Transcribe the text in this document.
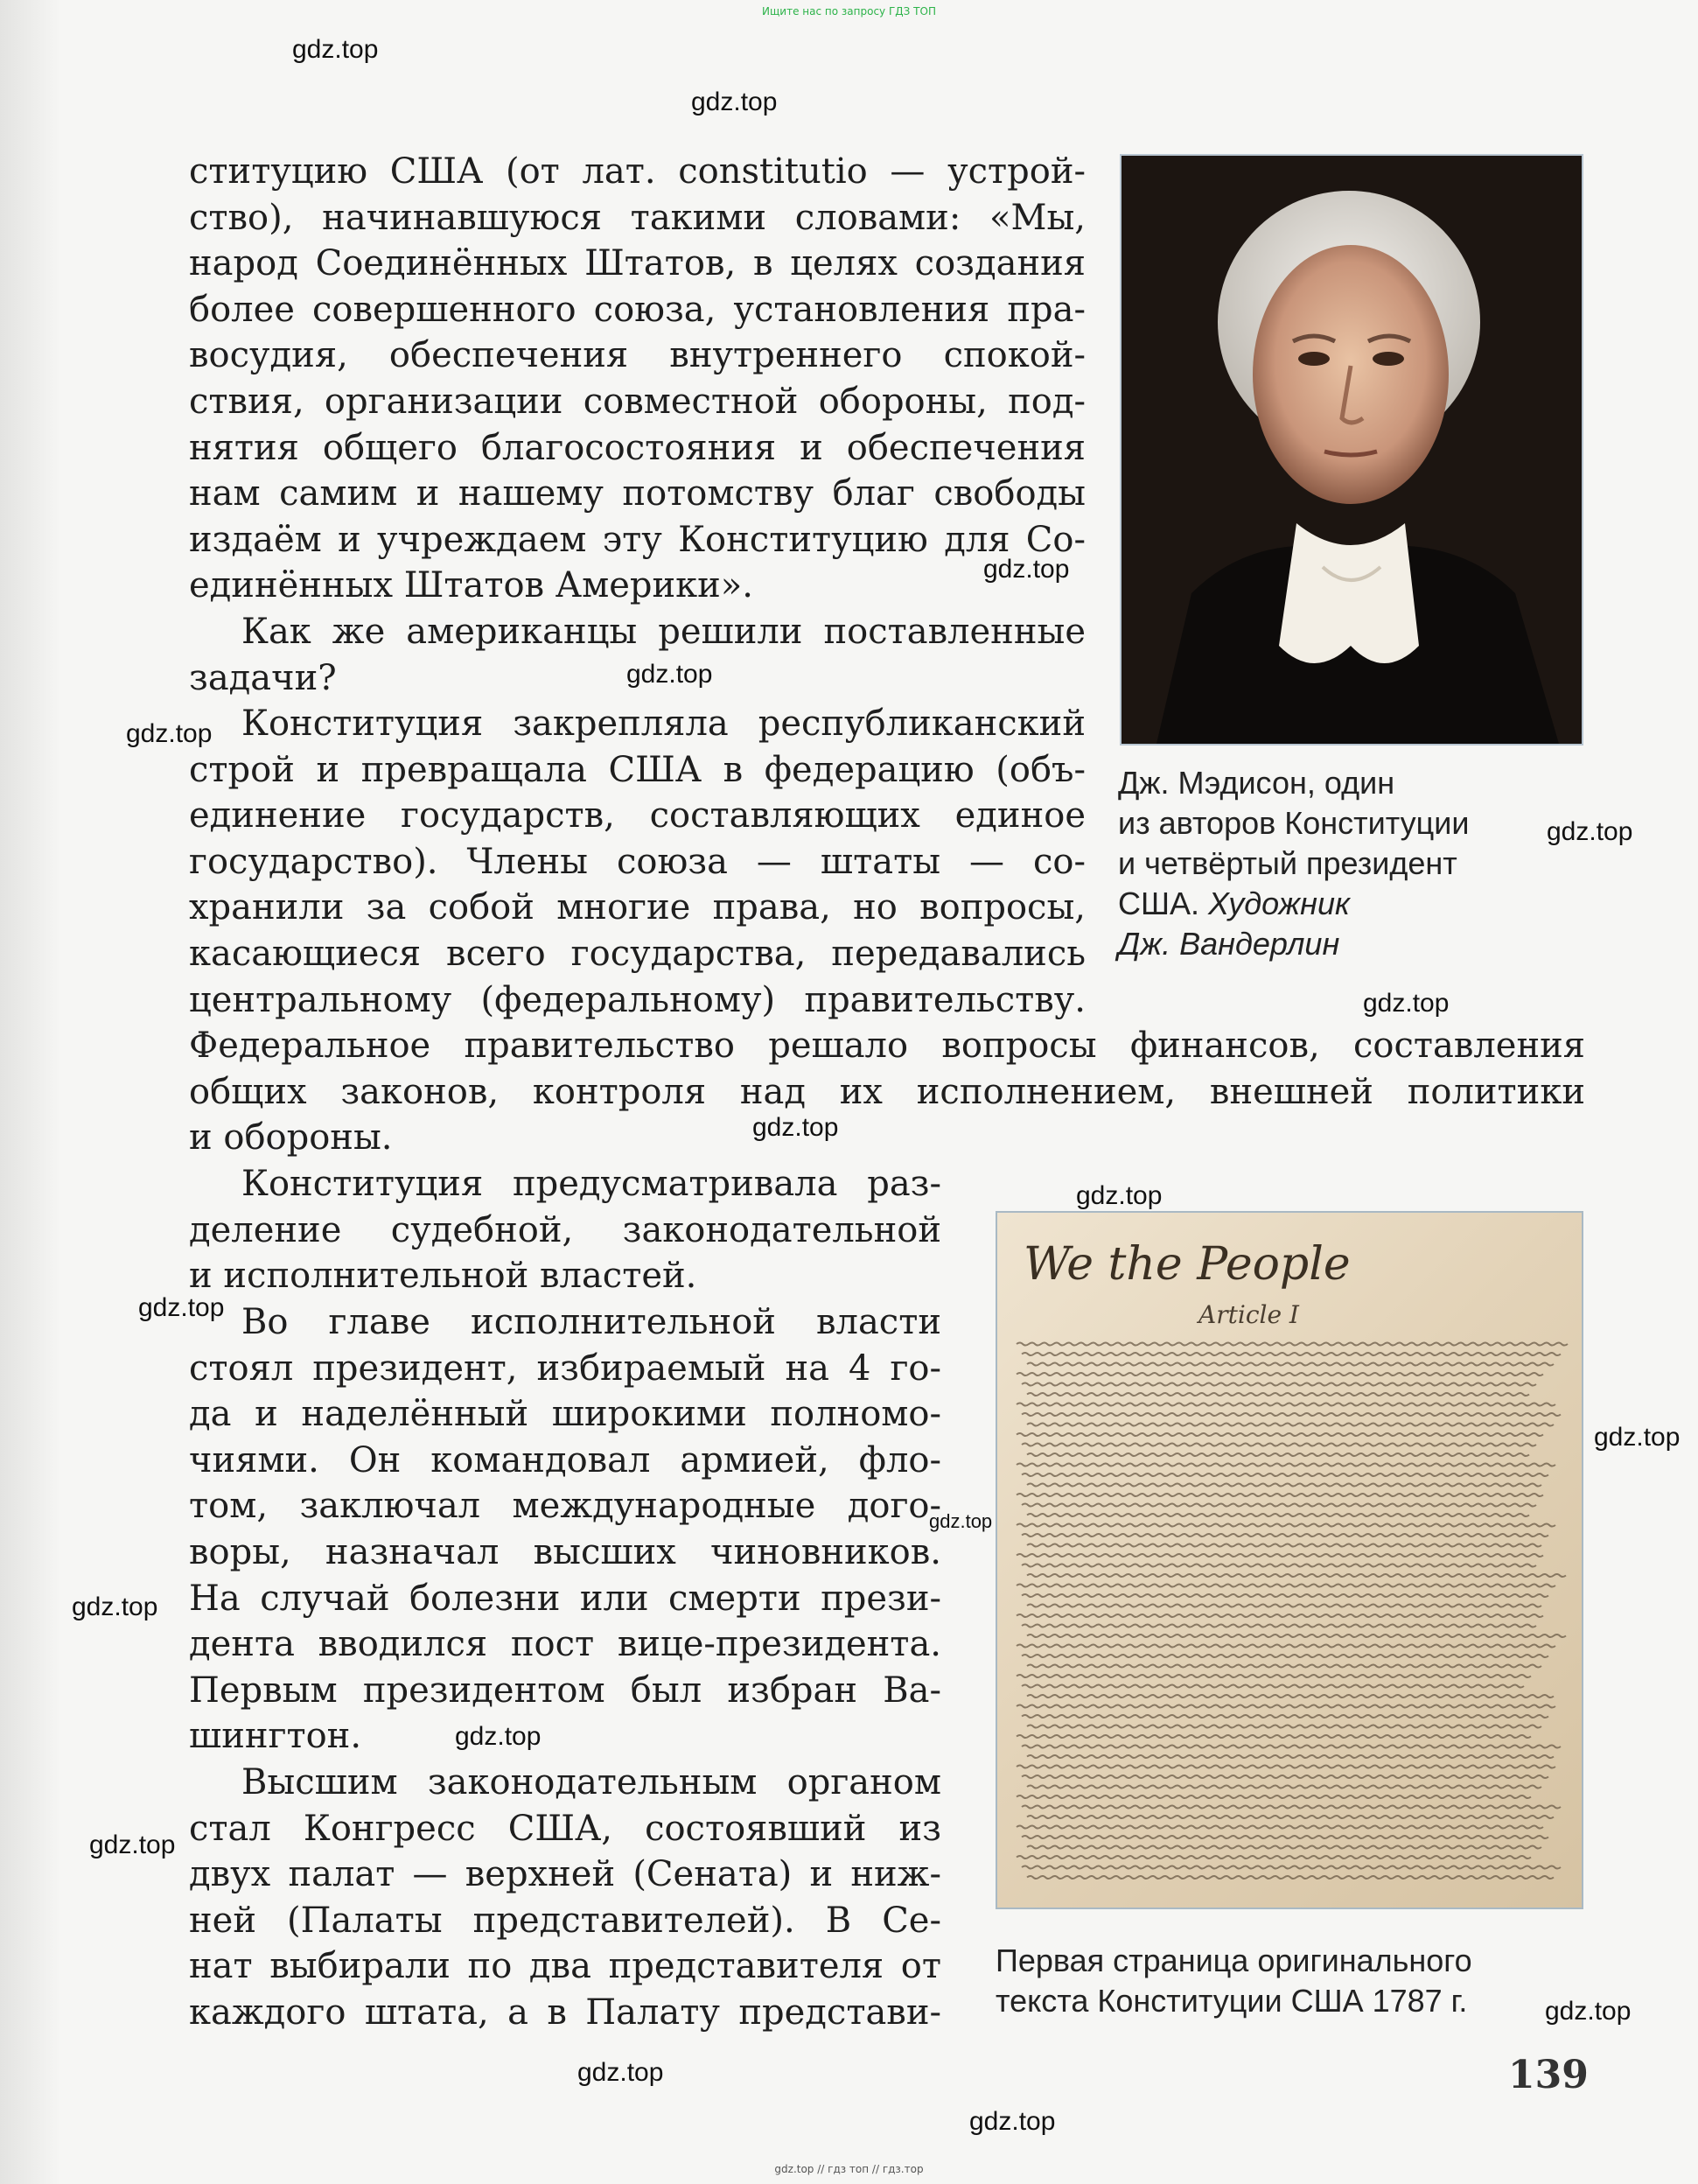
Ищите нас по запросу ГДЗ ТОП
ституцию США (от лат. constitutio — устрой-
ство), начинавшуюся такими словами: «Мы,
народ Соединённых Штатов, в целях создания
более совершенного союза, установления пра-
восудия, обеспечения внутреннего спокой-
ствия, организации совместной обороны, под-
нятия общего благосостояния и обеспечения
нам самим и нашему потомству благ свободы
издаём и учреждаем эту Конституцию для Со-
единённых Штатов Америки».
Как же американцы решили поставленные
задачи?
Конституция закрепляла республиканский
строй и превращала США в федерацию (объ-
единение государств, составляющих единое
государство). Члены союза — штаты — со-
хранили за собой многие права, но вопросы,
касающиеся всего государства, передавались
центральному (федеральному) правительству.
Федеральное правительство решало вопросы финансов, составления
общих законов, контроля над их исполнением, внешней политики
и обороны.
Конституция предусматривала раз-
деление судебной, законодательной
и исполнительной властей.
Во главе исполнительной власти
стоял президент, избираемый на 4 го-
да и наделённый широкими полномо-
чиями. Он командовал армией, фло-
том, заключал международные дого-
воры, назначал высших чиновников.
На случай болезни или смерти прези-
дента вводился пост вице-президента.
Первым президентом был избран Ва-
шингтон.
Высшим законодательным органом
стал Конгресс США, состоявший из
двух палат — верхней (Сената) и ниж-
ней (Палаты представителей). В Се-
нат выбирали по два представителя от
каждого штата, а в Палату представи-
Дж. Мэдисон, один
из авторов Конституции
и четвёртый президент
США. Художник
Дж. Вандерлин
We the People
Article I
Первая страница оригинального
текста Конституции США 1787 г.
139
gdz.top
gdz.top
gdz.top
gdz.top
gdz.top
gdz.top
gdz.top
gdz.top
gdz.top
gdz.top
gdz.top
gdz.top
gdz.top
gdz.top
gdz.top
gdz.top
gdz.top
gdz.top
gdz.top // гдз топ // гдз.тор
